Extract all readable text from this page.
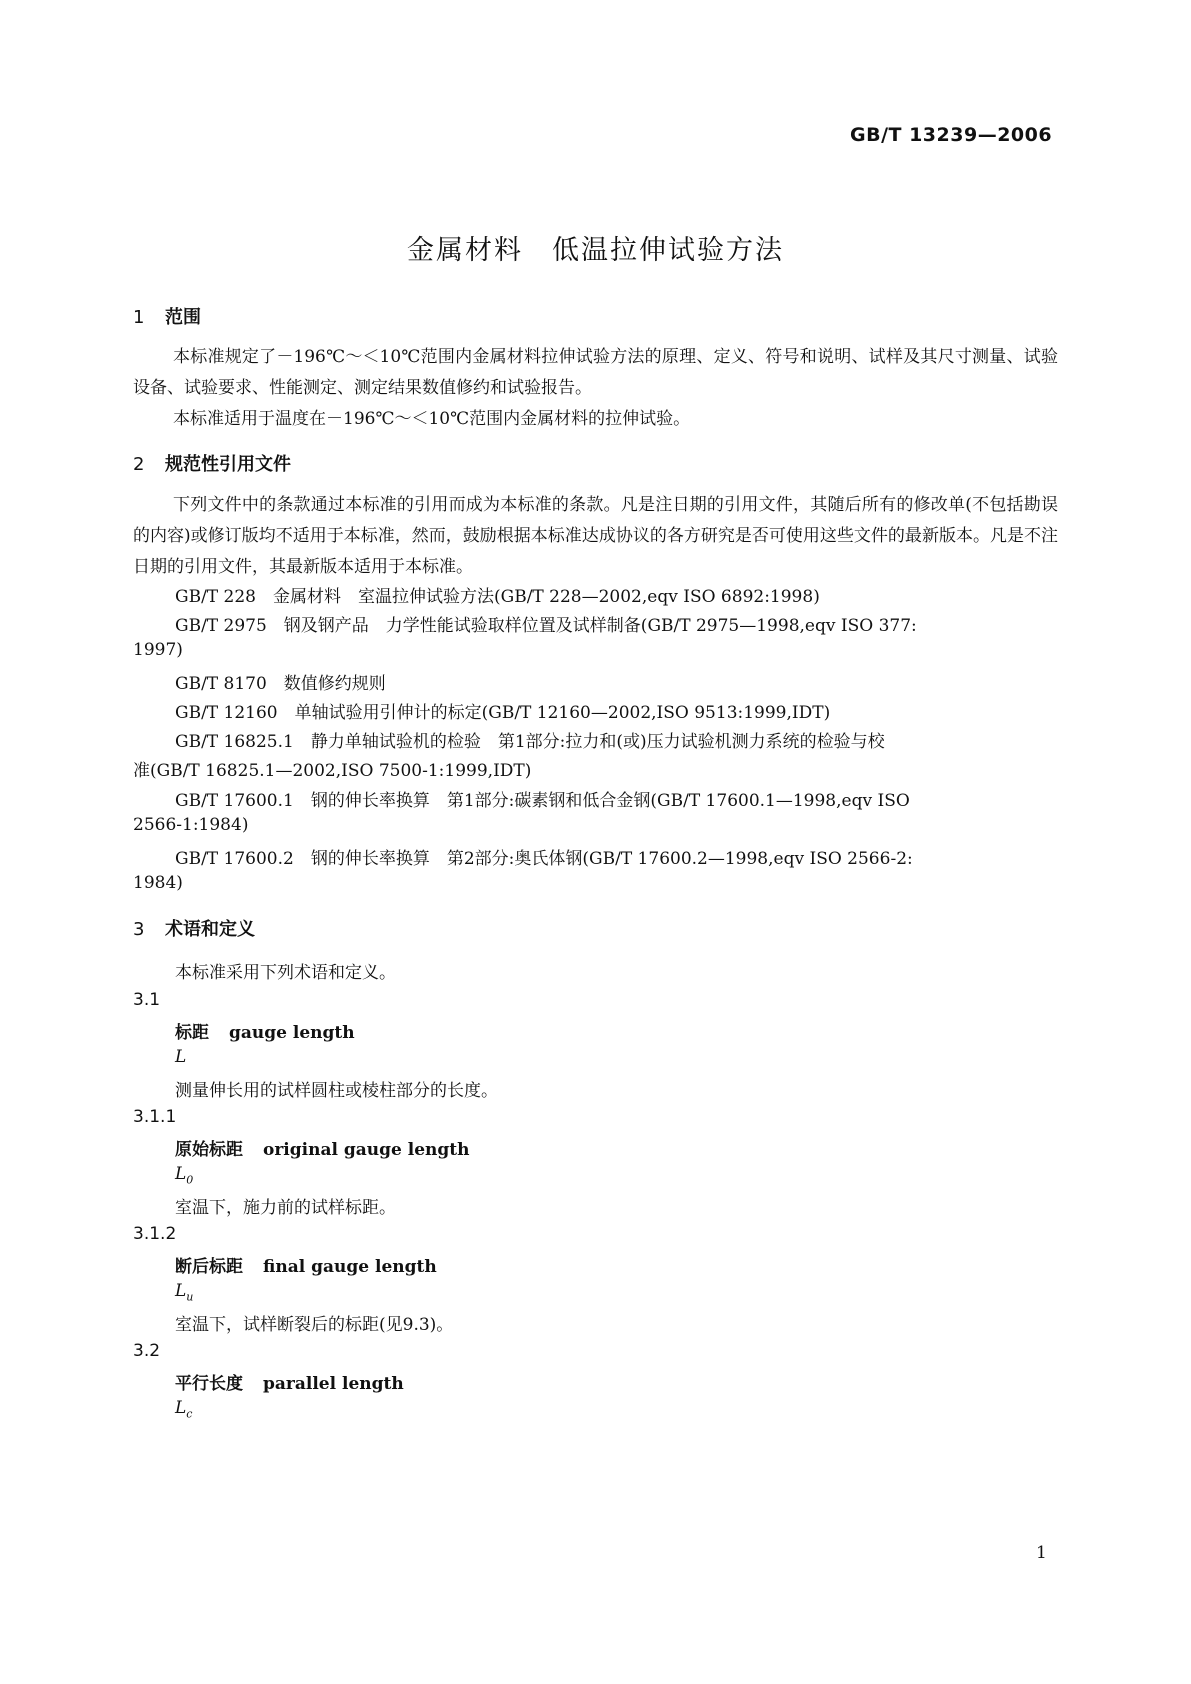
GB/T 13239—2006
金属材料　低温拉伸试验方法
1 范围
本标准规定了－196℃～＜10℃范围内金属材料拉伸试验方法的原理、定义、符号和说明、试样及其尺寸测量、试验设备、试验要求、性能测定、测定结果数值修约和试验报告。
本标准适用于温度在－196℃～＜10℃范围内金属材料的拉伸试验。
2 规范性引用文件
下列文件中的条款通过本标准的引用而成为本标准的条款。凡是注日期的引用文件，其随后所有的修改单(不包括勘误的内容)或修订版均不适用于本标准，然而，鼓励根据本标准达成协议的各方研究是否可使用这些文件的最新版本。凡是不注日期的引用文件，其最新版本适用于本标准。
GB/T 228　金属材料　室温拉伸试验方法(GB/T 228—2002,eqv ISO 6892:1998)
GB/T 2975　钢及钢产品　力学性能试验取样位置及试样制备(GB/T 2975—1998,eqv ISO 377:
1997)
GB/T 8170　数值修约规则
GB/T 12160　单轴试验用引伸计的标定(GB/T 12160—2002,ISO 9513:1999,IDT)
GB/T 16825.1　静力单轴试验机的检验　第1部分:拉力和(或)压力试验机测力系统的检验与校
准(GB/T 16825.1—2002,ISO 7500-1:1999,IDT)
GB/T 17600.1　钢的伸长率换算　第1部分:碳素钢和低合金钢(GB/T 17600.1—1998,eqv ISO
2566-1:1984)
GB/T 17600.2　钢的伸长率换算　第2部分:奥氏体钢(GB/T 17600.2—1998,eqv ISO 2566-2:
1984)
3 术语和定义
本标准采用下列术语和定义。
3.1
标距 gauge length
L
测量伸长用的试样圆柱或棱柱部分的长度。
3.1.1
原始标距 original gauge length
$L_0$
室温下，施力前的试样标距。
3.1.2
断后标距 final gauge length
$L_u$
室温下，试样断裂后的标距(见9.3)。
3.2
平行长度 parallel length
$L_c$
1
